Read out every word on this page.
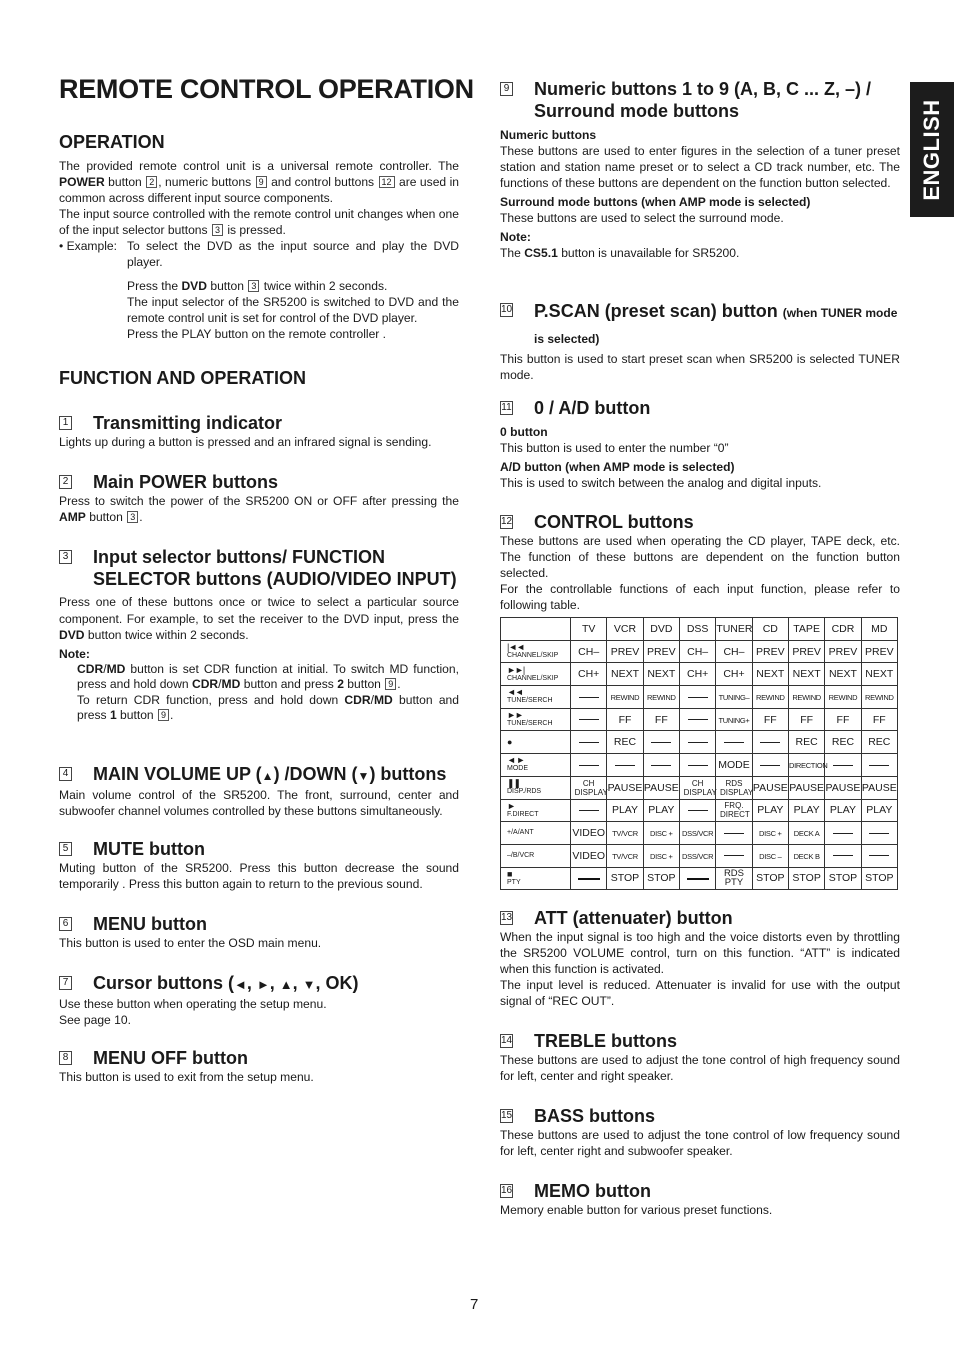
ENGLISH
REMOTE CONTROL OPERATION
OPERATION

The provided remote control unit is a universal remote controller. The POWER button 2 , numeric buttons 9 and control buttons 12 are used in common across different input source components.

The input source controlled with the remote control unit changes when one of the input selector buttons 3 is pressed.

• Example: To select the DVD as the input source and play the DVD player.

Press the DVD button 3 twice within 2 seconds.

The input selector of the SR5200 is switched to DVD and the remote control unit is set for control of the DVD player.

Press the PLAY button on the remote controller .

FUNCTION AND OPERATION
1 Transmitting indicator

Lights up during a button is pressed and an infrared signal is sending.

2 Main POWER buttons

Press to switch the power of the SR5200 ON or OFF after pressing the AMP button 3 .

3 Input selector buttons/ FUNCTION SELECTOR buttons (AUDIO/VIDEO INPUT)

Press one of these buttons once or twice to select a particular source component. For example, to set the receiver to the DVD input, press the DVD button twice within 2 seconds.

Note:

CDR/MD button is set CDR function at initial. To switch MD function, press and hold down CDR/MD button and press 2 button 9 .

To return CDR function, press and hold down CDR/MD button and press 1 button 9 .

4 MAIN VOLUME UP (▲) /DOWN (▼) buttons

Main volume control of the SR5200. The front, surround, center and subwoofer channel volumes controlled by these buttons simultaneously.

5 MUTE button

Muting button of the SR5200. Press this button decrease the sound temporarily . Press this button again to return to the previous sound.

6 MENU button

This button is used to enter the OSD main menu.

7 Cursor buttons (◄, ►, ▲, ▼, OK)

Use these button when operating the setup menu.

See page 10.

8 MENU OFF button

This button is used to exit from the setup menu.

9 Numeric buttons 1 to 9 (A, B, C ... Z, –) / Surround mode buttons
Numeric buttons

These buttons are used to enter figures in the selection of a tuner preset station and station name preset or to select a CD track number, etc. The functions of these buttons are dependent on the function button selected.

Surround mode buttons (when AMP mode is selected)

These buttons are used to select the surround mode.

Note:

The CS5.1 button is unavailable for SR5200.

10 P.SCAN (preset scan) button (when TUNER mode is selected)

This button is used to start preset scan when SR5200 is selected TUNER mode.

11 0 / A/D button
0 button

This button is used to enter the number “0”

A/D button (when AMP mode is selected)

This is used to switch between the analog and digital inputs.

12 CONTROL buttons

These buttons are used when operating the CD player, TAPE deck, etc. The function of these buttons are dependent on the function button selected.

For the controllable functions of each input function, please refer to following table.

	TV	VCR	DVD	DSS	TUNER	CD	TAPE	CDR	MD

|◄◄
CHANNEL/SKIP	CH–	PREV	PREV	CH–	CH–	PREV	PREV	PREV	PREV

►►|
CHANNEL/SKIP	CH+	NEXT	NEXT	CH+	CH+	NEXT	NEXT	NEXT	NEXT

◄◄
TUNE/SERCH		REWIND	REWIND		TUNING–	REWIND	REWIND	REWIND	REWIND

►►
TUNE/SERCH		FF	FF		TUNING+	FF	FF	FF	FF

●		REC					REC	REC	REC

◄ ►
MODE					MODE		DIRECTION		

❚❚
DISP./RDS	CH DISPLAY	PAUSE	PAUSE	CH DISPLAY	RDS DISPLAY	PAUSE	PAUSE	PAUSE	PAUSE

►
F.DIRECT		PLAY	PLAY		FRQ. DIRECT	PLAY	PLAY	PLAY	PLAY

+/A/ANT	VIDEO	TV/VCR	DISC +	DSS/VCR		DISC +	DECK A		

–/B/VCR	VIDEO	TV/VCR	DISC +	DSS/VCR		DISC –	DECK B		

■
PTY		STOP	STOP		RDS PTY	STOP	STOP	STOP	STOP
13 ATT (attenuater) button

When the input signal is too high and the voice distorts even by throttling the SR5200 VOLUME control, turn on this function. “ATT” is indicated when this function is activated.

The input level is reduced. Attenuater is invalid for use with the output signal of “REC OUT”.

14 TREBLE buttons

These buttons are used to adjust the tone control of high frequency sound for left, center and right speaker.

15 BASS buttons

These buttons are used to adjust the tone control of low frequency sound for left, center right and subwoofer speaker.

16 MEMO button

Memory enable button for various preset functions.

7
